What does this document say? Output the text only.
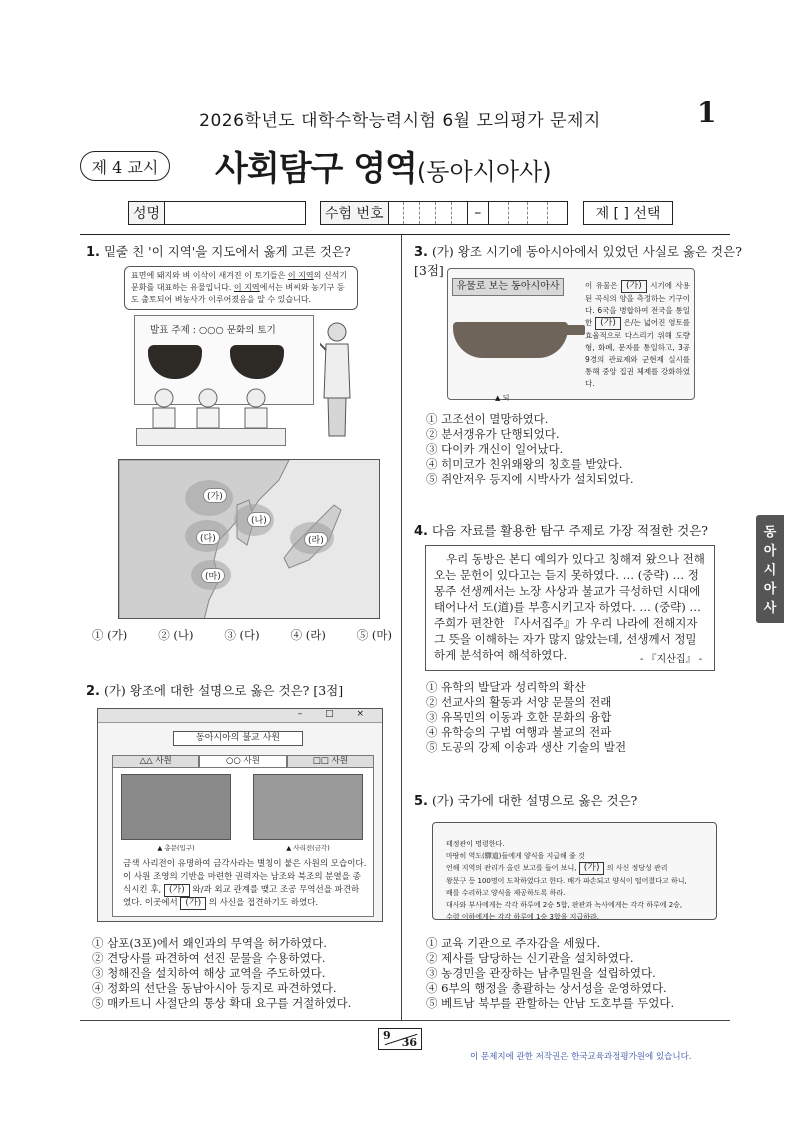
2026학년도 대학수학능력시험 6월 모의평가 문제지	1
제 4 교시	사회탐구 영역(동아시아사)
성명	수험 번호	–	제 [ ] 선택
1. 밑줄 친 '이 지역'을 지도에서 옳게 고른 것은?
표면에 돼지와 벼 이삭이 새겨진 이 토기들은 이 지역의 신석기 문화를 대표하는 유물입니다. 이 지역에서는 벼씨와 농기구 등도 출토되어 벼농사가 이루어졌음을 알 수 있습니다.
발표 주제 : ○○○ 문화의 토기
(가)
(나)
(다)	(라)
(마)
① (가)	② (나)	③ (다)	④ (라)	⑤ (마)
2. (가) 왕조에 대한 설명으로 옳은 것은? [3점]
– □ ×
동아시아의 불교 사원
△△ 사원	○○ 사원	□□ 사원
▲ 총문(입구)	▲ 사리전(금각)
금색 사리전이 유명하여 금각사라는 별칭이 붙은 사원의 모습이다. 이 사원 조영의 기반을 마련한 권력자는 남조와 북조의 분열을 종식시킨 후, (가) 와/과 외교 관계를 맺고 조공 무역선을 파견하였다. 이곳에서 (가) 의 사신을 접견하기도 하였다.
① 삼포(3포)에서 왜인과의 무역을 허가하였다.
② 견당사를 파견하여 선진 문물을 수용하였다.
③ 청해진을 설치하여 해상 교역을 주도하였다.
④ 정화의 선단을 동남아시아 등지로 파견하였다.
⑤ 매카트니 사절단의 통상 확대 요구를 거절하였다.
3. (가) 왕조 시기에 동아시아에서 있었던 사실로 옳은 것은? [3점]
유물로 보는 동아시아사
▲ 되
이 유물은 (가) 시기에 사용된 곡식의 양을 측정하는 기구이다. 6국을 병합하여 전국을 통일한 (가) 은/는 넓어진 영토를 효율적으로 다스리기 위해 도량형, 화폐, 문자를 통일하고, 3공 9경의 관료제와 군현제 실시를 통해 중앙 집권 체제를 강화하였다.
① 고조선이 멸망하였다.
② 분서갱유가 단행되었다.
③ 다이카 개신이 일어났다.
④ 히미코가 친위왜왕의 칭호를 받았다.
⑤ 쥐안저우 등지에 시박사가 설치되었다.
4. 다음 자료를 활용한 탐구 주제로 가장 적절한 것은?
우리 동방은 본디 예의가 있다고 칭해져 왔으나 전해 오는 문헌이 있다고는 듣지 못하였다. … (중략) … 정몽주 선생께서는 노장 사상과 불교가 극성하던 시대에 태어나서 도(道)를 부흥시키고자 하였다. … (중략) … 주희가 편찬한 『사서집주』가 우리 나라에 전해지자 그 뜻을 이해하는 자가 많지 않았는데, 선생께서 정밀하게 분석하여 해석하였다.	- 『지산집』 -
① 유학의 발달과 성리학의 확산
② 선교사의 활동과 서양 문물의 전래
③ 유목민의 이동과 호한 문화의 융합
④ 유학승의 구법 여행과 불교의 전파
⑤ 도공의 강제 이송과 생산 기술의 발전
5. (가) 국가에 대한 설명으로 옳은 것은?
태정관이 명령한다.
마땅히 역도(驛道)들에게 양식을 지급해 줄 것
언해 지역의 관리가 올린 보고를 들어 보니, (가) 의 사신 정당성 관리
왕문구 등 100명이 도착하였다고 한다. 배가 파손되고 양식이 떨어졌다고 하니,
배를 수리하고 양식을 제공하도록 하라.
대사와 부사에게는 각각 하루에 2승 5합, 판관과 녹사에게는 각각 하루에 2승,
수령 이하에게는 각각 하루에 1승 3합을 지급하라.
① 교육 기관으로 주자감을 세웠다.
② 제사를 담당하는 신기관을 설치하였다.
③ 농경민을 관장하는 남추밀원을 설립하였다.
④ 6부의 행정을 총괄하는 상서성을 운영하였다.
⑤ 베트남 북부를 관할하는 안남 도호부를 두었다.
동아시아사
9
36
이 문제지에 관한 저작권은 한국교육과정평가원에 있습니다.
